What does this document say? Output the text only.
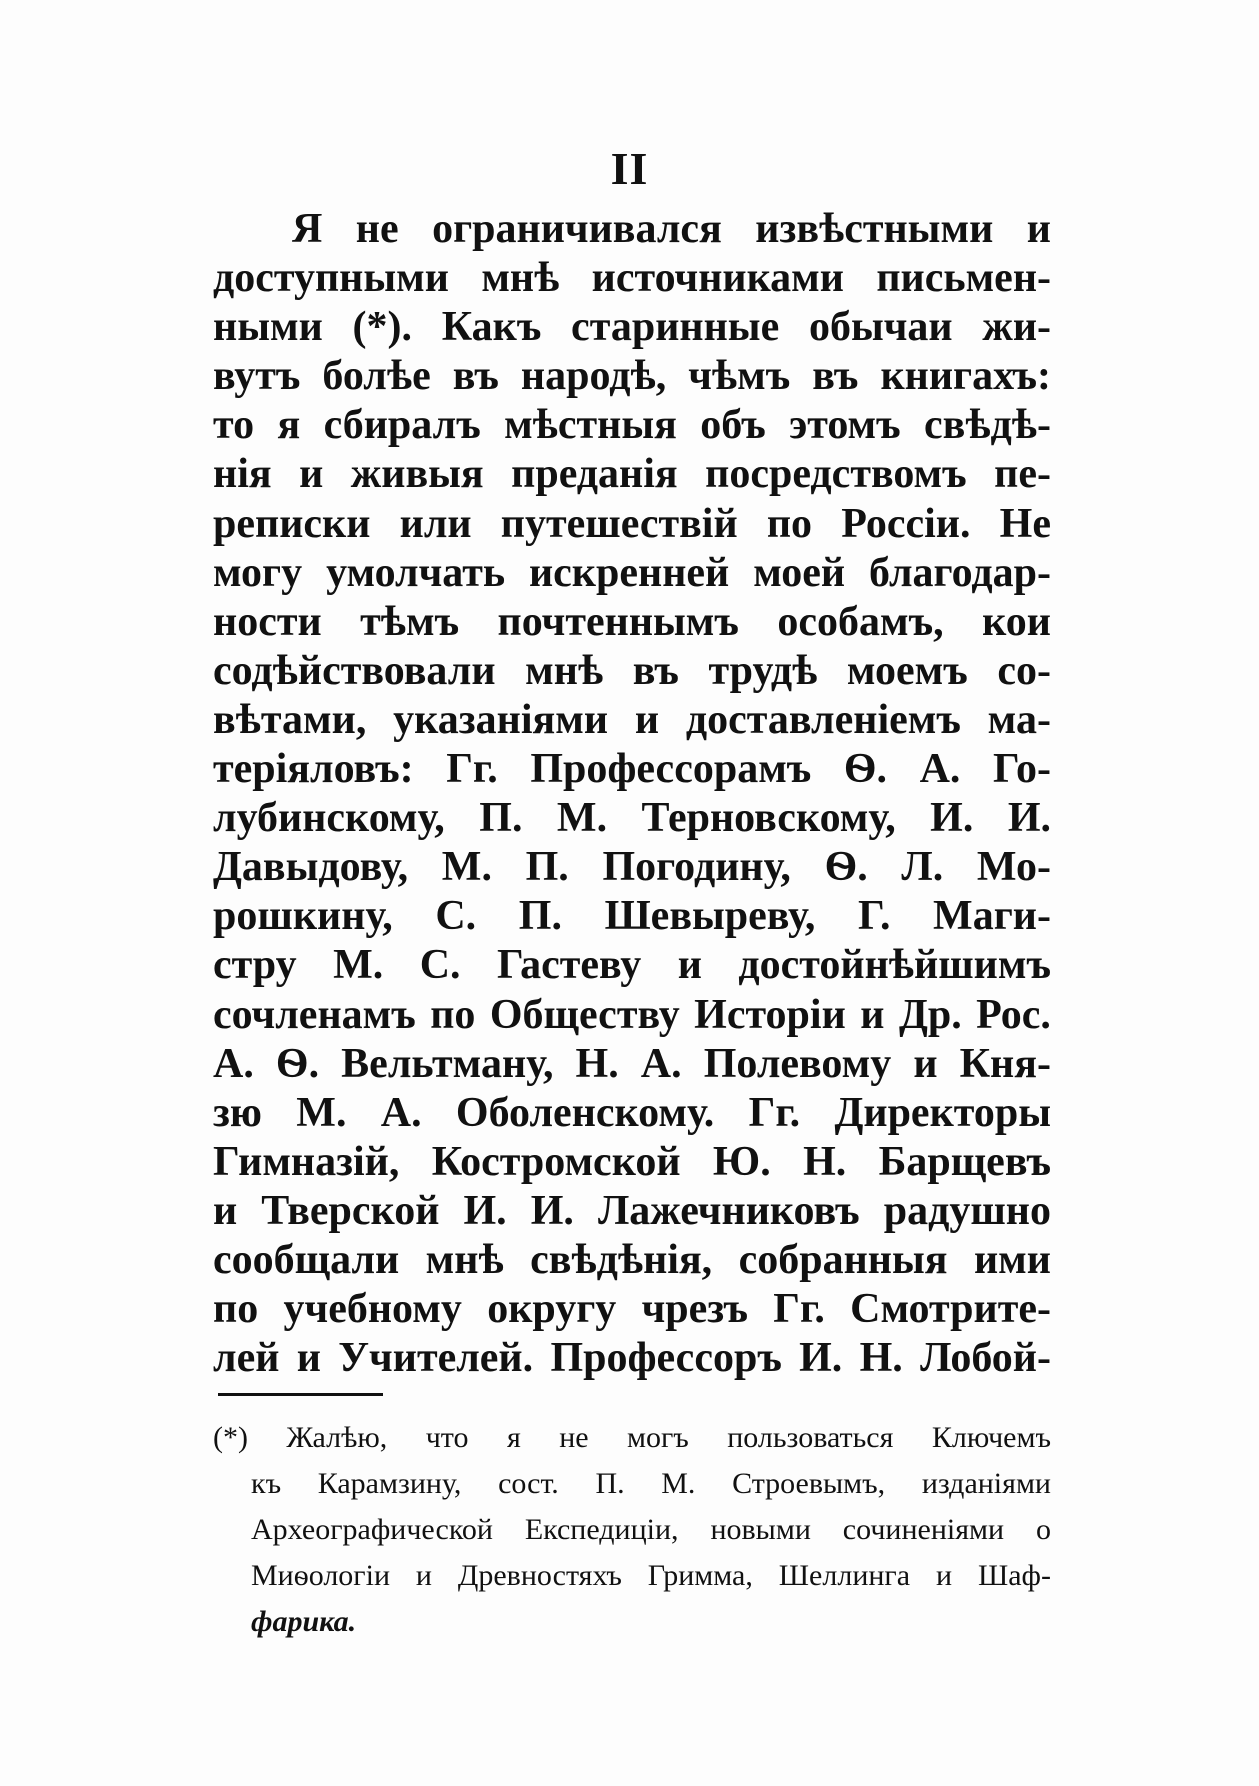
II
Я не ограничивался извѣстными и
доступными мнѣ источниками письмен-
ными (*). Какъ старинные обычаи жи-
вутъ болѣе въ народѣ, чѣмъ въ книгахъ:
то я сбиралъ мѣстныя объ этомъ свѣдѣ-
нія и живыя преданія посредствомъ пе-
реписки или путешествій по Россіи. Не
могу умолчать искренней моей благодар-
ности тѣмъ почтеннымъ особамъ, кои
содѣйствовали мнѣ въ трудѣ моемъ со-
вѣтами, указаніями и доставленіемъ ма-
теріяловъ: Гг. Профессорамъ Ѳ. А. Го-
лубинскому, П. М. Терновскому, И. И.
Давыдову, М. П. Погодину, Ѳ. Л. Мо-
рошкину, С. П. Шевыреву, Г. Маги-
стру М. С. Гастеву и достойнѣйшимъ
сочленамъ по Обществу Исторіи и Др. Рос.
А. Ѳ. Вельтману, Н. А. Полевому и Кня-
зю М. А. Оболенскому. Гг. Директоры
Гимназій, Костромской Ю. Н. Барщевъ
и Тверской И. И. Лажечниковъ радушно
сообщали мнѣ свѣдѣнія, собранныя ими
по учебному округу чрезъ Гг. Смотрите-
лей и Учителей. Профессоръ И. Н. Лобой-
(*) Жалѣю, что я не могъ пользоваться Ключемъ
къ Карамзину, сост. П. М. Строевымъ, изданіями
Археографической Експедиціи, новыми сочиненіями о
Миѳологіи и Древностяхъ Гримма, Шеллинга и Шаф-
фарика.
